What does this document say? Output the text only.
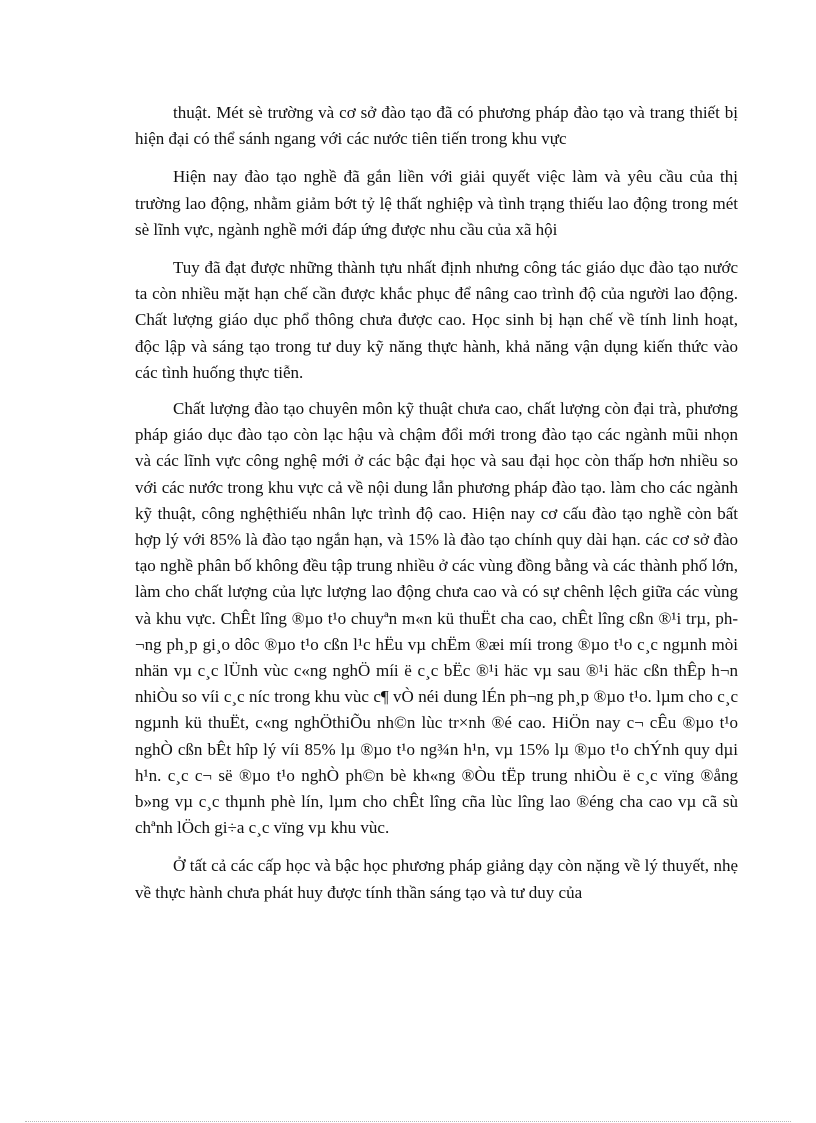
thuật. Mét sè trường và cơ sở đào tạo đã có phương pháp đào tạo và trang thiết bị hiện đại có thể sánh ngang với các nước tiên tiến trong khu vực

Hiện nay đào tạo nghề đã gắn liền với giải quyết việc làm và yêu cầu của thị trường lao động, nhằm giảm bớt tỷ lệ thất nghiệp và tình trạng thiếu lao động trong mét sè lĩnh vực, ngành nghề mới đáp ứng được nhu cầu của xã hội

Tuy đã đạt được những thành tựu nhất định nhưng công tác giáo dục đào tạo nước ta còn nhiều mặt hạn chế cần được khắc phục để nâng cao trình độ của người lao động. Chất lượng giáo dục phổ thông chưa được cao. Học sinh bị hạn chế về tính linh hoạt, độc lập và sáng tạo trong tư duy kỹ năng thực hành, khả năng vận dụng kiến thức vào các tình huống thực tiễn.

Chất lượng đào tạo chuyên môn kỹ thuật chưa cao, chất lượng còn đại trà, phương pháp giáo dục đào tạo còn lạc hậu và chậm đổi mới trong đào tạo các ngành mũi nhọn và các lĩnh vực công nghệ mới ở các bậc đại học và sau đại học còn thấp hơn nhiều so với các nước trong khu vực cả về nội dung lẫn phương pháp đào tạo. làm cho các ngành kỹ thuật, công nghệthiếu nhân lực trình độ cao. Hiện nay cơ cấu đào tạo nghề còn bất hợp lý với 85% là đào tạo ngắn hạn, và 15% là đào tạo chính quy dài hạn. các cơ sở đào tạo nghề phân bố không đều tập trung nhiều ở các vùng đồng bằng và các thành phố lớn, làm cho chất lượng của lực lượng lao động chưa cao và có sự chênh lệch giữa các vùng và khu vực. ChÊt lîng ®µo t¹o chuyªn m«n kü thuËt cha cao, chÊt lîng cßn ®¹i trµ, ph¬ng ph¸p gi¸o dôc ®µo t¹o cßn l¹c hËu vµ chËm ®æi míi trong ®µo t¹o c¸c ngµnh mòi nhän vµ c¸c lÜnh vùc c«ng nghÖ míi ë c¸c bËc ®¹i häc vµ sau ®¹i häc cßn thÊp h¬n nhiÒu so víi c¸c níc trong khu vùc c¶ vÒ néi dung lÉn ph¬ng ph¸p ®µo t¹o. lµm cho c¸c ngµnh kü thuËt, c«ng nghÖthiÕu nh©n lùc tr×nh ®é cao. HiÖn nay c¬ cÊu ®µo t¹o nghÒ cßn bÊt hîp lý víi 85% lµ ®µo t¹o ng¾n h¹n, vµ 15% lµ ®µo t¹o chÝnh quy dµi h¹n. c¸c c¬ së ®µo t¹o nghÒ ph©n bè kh«ng ®Òu tËp trung nhiÒu ë c¸c vïng ®ång b»ng vµ c¸c thµnh phè lín, lµm cho chÊt lîng cña lùc lîng lao ®éng cha cao vµ cã sù chªnh lÖch gi÷a c¸c vïng vµ khu vùc.

Ở tất cả các cấp học và bậc học phương pháp giảng dạy còn nặng về lý thuyết, nhẹ về thực hành chưa phát huy được tính thần sáng tạo và tư duy của
